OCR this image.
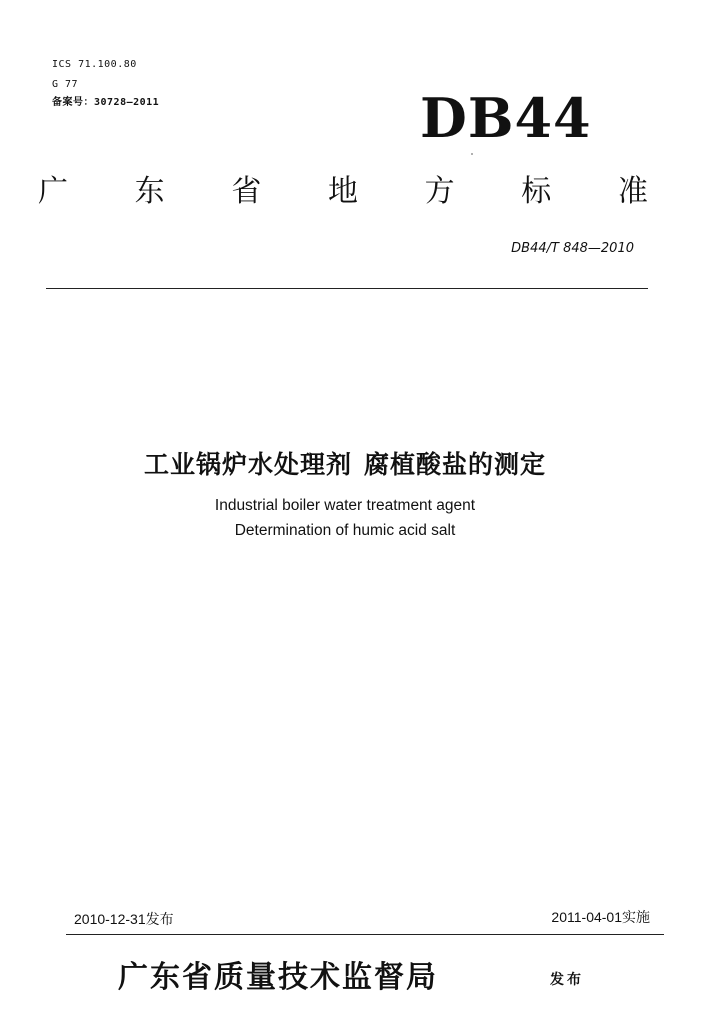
ICS 71.100.80
G 77
备案号：30728—2011	DB44
广 东 省 地 方 标 准
DB44/T 848—2010
工业锅炉水处理剂 腐植酸盐的测定
Industrial boiler water treatment agent
Determination of humic acid salt
2010-12-31发布	2011-04-01实施
广东省质量技术监督局	发布
